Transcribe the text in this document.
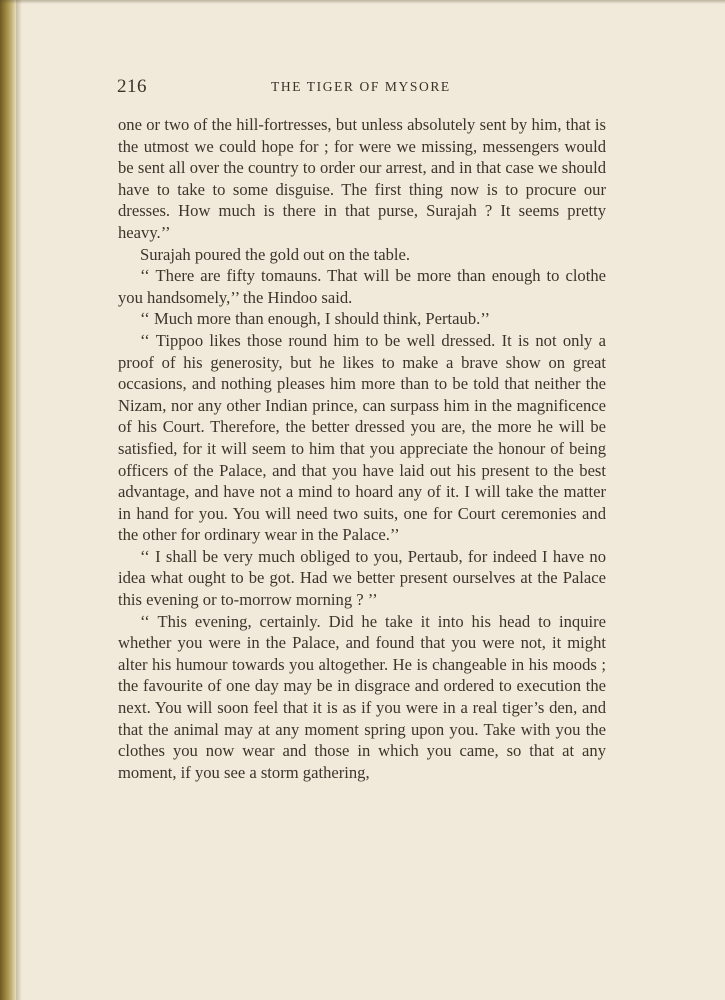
216	THE TIGER OF MYSORE

one or two of the hill-fortresses, but unless absolutely sent by him, that is the utmost we could hope for ; for were we missing, messengers would be sent all over the country to order our arrest, and in that case we should have to take to some disguise. The first thing now is to procure our dresses. How much is there in that purse, Surajah ? It seems pretty heavy.’’

Surajah poured the gold out on the table.

‘‘ There are fifty tomauns. That will be more than enough to clothe you handsomely,’’ the Hindoo said.

‘‘ Much more than enough, I should think, Pertaub.’’

‘‘ Tippoo likes those round him to be well dressed. It is not only a proof of his generosity, but he likes to make a brave show on great occasions, and nothing pleases him more than to be told that neither the Nizam, nor any other Indian prince, can surpass him in the magnificence of his Court. Therefore, the better dressed you are, the more he will be satisfied, for it will seem to him that you appreciate the honour of being officers of the Palace, and that you have laid out his present to the best advantage, and have not a mind to hoard any of it. I will take the matter in hand for you. You will need two suits, one for Court ceremonies and the other for ordinary wear in the Palace.’’

‘‘ I shall be very much obliged to you, Pertaub, for indeed I have no idea what ought to be got. Had we better present ourselves at the Palace this evening or to-morrow morning ? ’’

‘‘ This evening, certainly. Did he take it into his head to inquire whether you were in the Palace, and found that you were not, it might alter his humour towards you altogether. He is changeable in his moods ; the favourite of one day may be in disgrace and ordered to execution the next. You will soon feel that it is as if you were in a real tiger’s den, and that the animal may at any moment spring upon you. Take with you the clothes you now wear and those in which you came, so that at any moment, if you see a storm gathering,
